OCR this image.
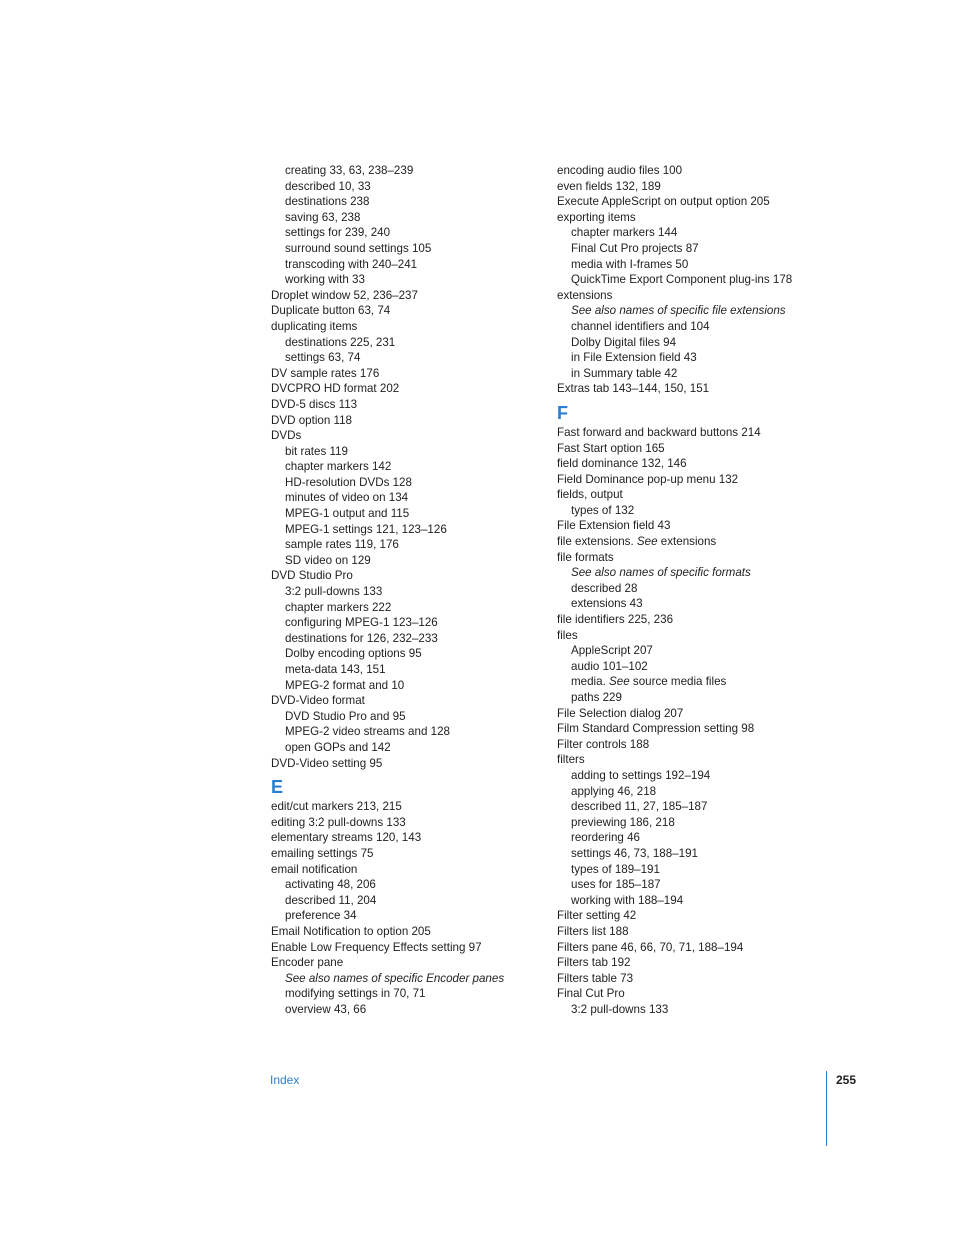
creating 33, 63, 238–239
described 10, 33
destinations 238
saving 63, 238
settings for 239, 240
surround sound settings 105
transcoding with 240–241
working with 33
Droplet window 52, 236–237
Duplicate button 63, 74
duplicating items
destinations 225, 231
settings 63, 74
DV sample rates 176
DVCPRO HD format 202
DVD-5 discs 113
DVD option 118
DVDs
bit rates 119
chapter markers 142
HD-resolution DVDs 128
minutes of video on 134
MPEG-1 output and 115
MPEG-1 settings 121, 123–126
sample rates 119, 176
SD video on 129
DVD Studio Pro
3:2 pull-downs 133
chapter markers 222
configuring MPEG-1 123–126
destinations for 126, 232–233
Dolby encoding options 95
meta-data 143, 151
MPEG-2 format and 10
DVD-Video format
DVD Studio Pro and 95
MPEG-2 video streams and 128
open GOPs and 142
DVD-Video setting 95
E
edit/cut markers 213, 215
editing 3:2 pull-downs 133
elementary streams 120, 143
emailing settings 75
email notification
activating 48, 206
described 11, 204
preference 34
Email Notification to option 205
Enable Low Frequency Effects setting 97
Encoder pane
See also names of specific Encoder panes
modifying settings in 70, 71
overview 43, 66
encoding audio files 100
even fields 132, 189
Execute AppleScript on output option 205
exporting items
chapter markers 144
Final Cut Pro projects 87
media with I-frames 50
QuickTime Export Component plug-ins 178
extensions
See also names of specific file extensions
channel identifiers and 104
Dolby Digital files 94
in File Extension field 43
in Summary table 42
Extras tab 143–144, 150, 151
F
Fast forward and backward buttons 214
Fast Start option 165
field dominance 132, 146
Field Dominance pop-up menu 132
fields, output
types of 132
File Extension field 43
file extensions. See extensions
file formats
See also names of specific formats
described 28
extensions 43
file identifiers 225, 236
files
AppleScript 207
audio 101–102
media. See source media files
paths 229
File Selection dialog 207
Film Standard Compression setting 98
Filter controls 188
filters
adding to settings 192–194
applying 46, 218
described 11, 27, 185–187
previewing 186, 218
reordering 46
settings 46, 73, 188–191
types of 189–191
uses for 185–187
working with 188–194
Filter setting 42
Filters list 188
Filters pane 46, 66, 70, 71, 188–194
Filters tab 192
Filters table 73
Final Cut Pro
3:2 pull-downs 133
Index	255
